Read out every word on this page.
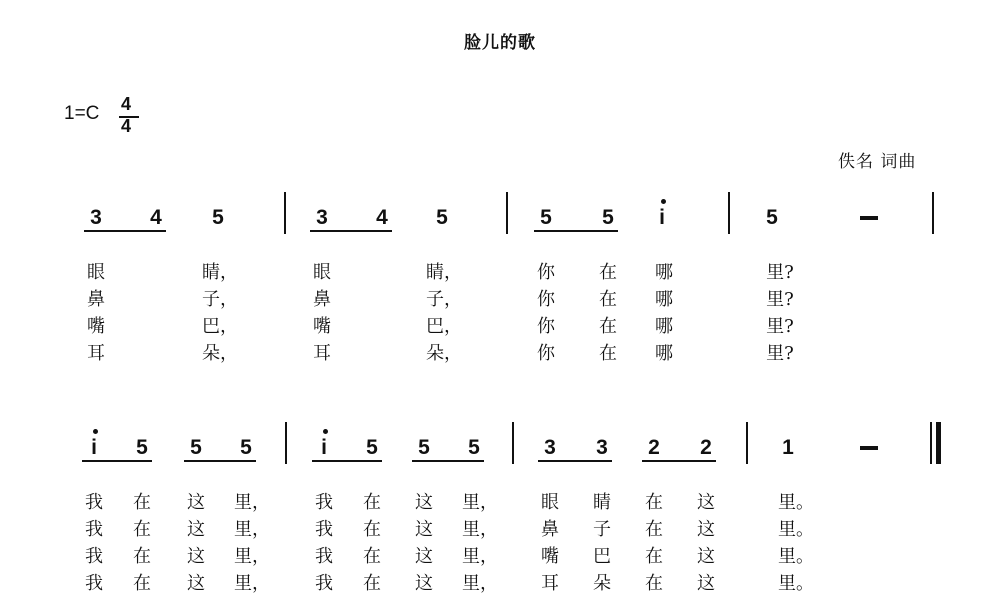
脸儿的歌
1=C 4
4
佚名 词曲
3	4	5	3	4	5	5	5	i	5
眼	睛，	眼	睛，	你	在	哪	里?
鼻	子，	鼻	子，	你	在	哪	里?
嘴	巴，	嘴	巴，	你	在	哪	里?
耳	朵，	耳	朵，	你	在	哪	里?
i	5	5	5	i	5	5	5	3	3	2	2	1
我	在	这	里，	我	在	这	里，	眼	睛	在	这	里。
我	在	这	里，	我	在	这	里，	鼻	子	在	这	里。
我	在	这	里，	我	在	这	里，	嘴	巴	在	这	里。
我	在	这	里，	我	在	这	里，	耳	朵	在	这	里。
